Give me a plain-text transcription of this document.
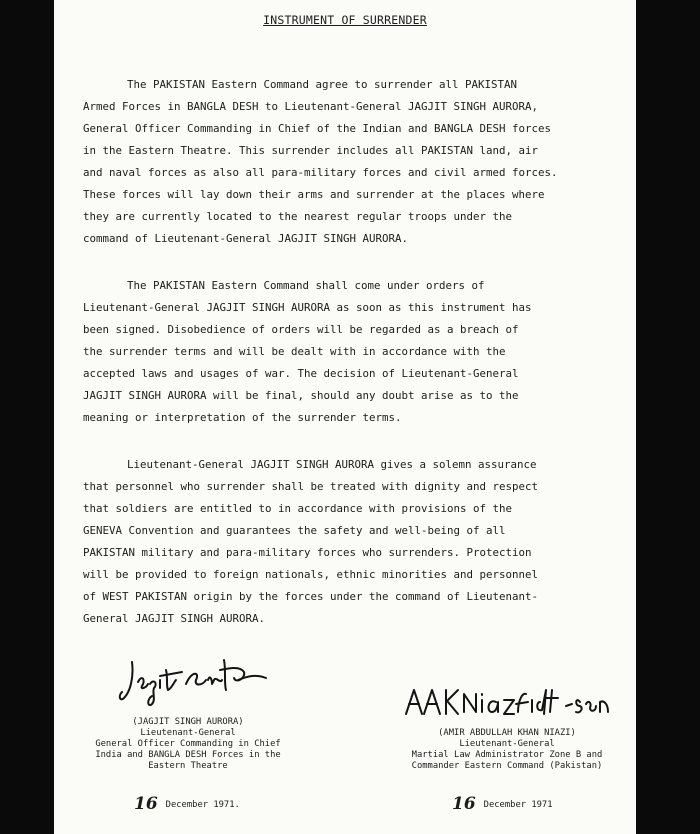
INSTRUMENT OF SURRENDER
The PAKISTAN Eastern Command agree to surrender all PAKISTAN
Armed Forces in BANGLA DESH to Lieutenant-General JAGJIT SINGH AURORA,
General Officer Commanding in Chief of the Indian and BANGLA DESH forces
in the Eastern Theatre. This surrender includes all PAKISTAN land, air
and naval forces as also all para-military forces and civil armed forces.
These forces will lay down their arms and surrender at the places where
they are currently located to the nearest regular troops under the
command of Lieutenant-General JAGJIT SINGH AURORA.
The PAKISTAN Eastern Command shall come under orders of
Lieutenant-General JAGJIT SINGH AURORA as soon as this instrument has
been signed. Disobedience of orders will be regarded as a breach of
the surrender terms and will be dealt with in accordance with the
accepted laws and usages of war. The decision of Lieutenant-General
JAGJIT SINGH AURORA will be final, should any doubt arise as to the
meaning or interpretation of the surrender terms.
Lieutenant-General JAGJIT SINGH AURORA gives a solemn assurance
that personnel who surrender shall be treated with dignity and respect
that soldiers are entitled to in accordance with provisions of the
GENEVA Convention and guarantees the safety and well-being of all
PAKISTAN military and para-military forces who surrenders. Protection
will be provided to foreign nationals, ethnic minorities and personnel
of WEST PAKISTAN origin by the forces under the command of Lieutenant-
General JAGJIT SINGH AURORA.
(JAGJIT SINGH AURORA)
Lieutenant-General
General Officer Commanding in Chief
India and BANGLA DESH Forces in the
Eastern Theatre
16 December 1971.
(AMIR ABDULLAH KHAN NIAZI)
Lieutenant-General
Martial Law Administrator Zone B and
Commander Eastern Command (Pakistan)
16 December 1971
